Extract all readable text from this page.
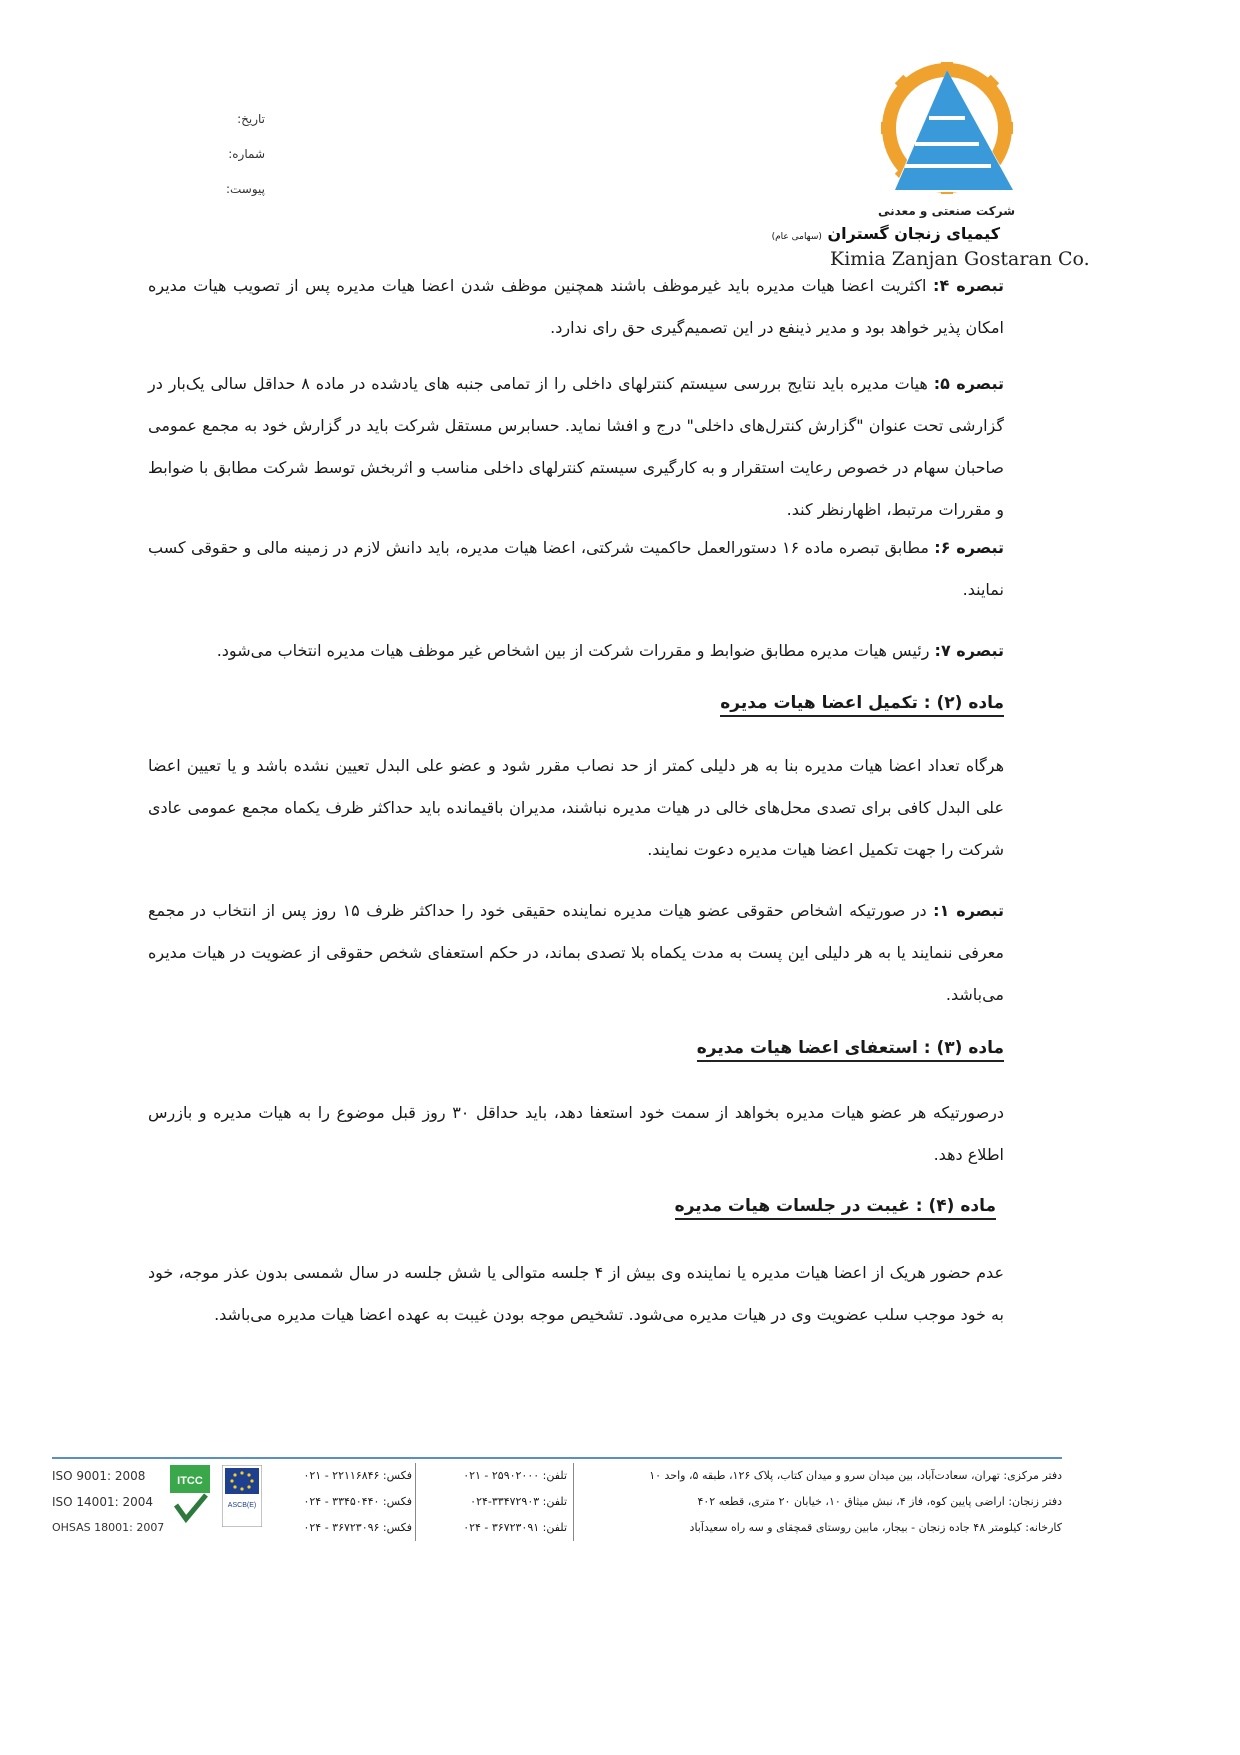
تاریخ:
شماره:
پیوست:
شرکت صنعتی و معدنی
کیمیای زنجان گستران (سهامی عام)
Kimia Zanjan Gostaran Co.

تبصره ۴: اکثریت اعضا هیات مدیره باید غیرموظف باشند همچنین موظف شدن اعضا هیات مدیره پس از تصویب هیات مدیره امکان پذیر خواهد بود و مدیر ذینفع در این تصمیم‌گیری حق رای ندارد.

تبصره ۵: هیات مدیره باید نتایج بررسی سیستم کنترلهای داخلی را از تمامی جنبه های یادشده در ماده ۸ حداقل سالی یک‌بار در گزارشی تحت عنوان "گزارش کنترل‌های داخلی" درج و افشا نماید. حسابرس مستقل شرکت باید در گزارش خود به مجمع عمومی صاحبان سهام در خصوص رعایت استقرار و به کارگیری سیستم کنترلهای داخلی مناسب و اثربخش توسط شرکت مطابق با ضوابط و مقررات مرتبط، اظهارنظر کند.

تبصره ۶: مطابق تبصره ماده ۱۶ دستورالعمل حاکمیت شرکتی، اعضا هیات مدیره، باید دانش لازم در زمینه مالی و حقوقی کسب نمایند.

تبصره ۷: رئیس هیات مدیره مطابق ضوابط و مقررات شرکت از بین اشخاص غیر موظف هیات مدیره انتخاب می‌شود.

ماده (۲) : تکمیل اعضا هیات مدیره

هرگاه تعداد اعضا هیات مدیره بنا به هر دلیلی کمتر از حد نصاب مقرر شود و عضو علی البدل تعیین نشده باشد و یا تعیین اعضا علی البدل کافی برای تصدی محل‌های خالی در هیات مدیره نباشند، مدیران باقیمانده باید حداکثر ظرف یکماه مجمع عمومی عادی شرکت را جهت تکمیل اعضا هیات مدیره دعوت نمایند.

تبصره ۱: در صورتیکه اشخاص حقوقی عضو هیات مدیره نماینده حقیقی خود را حداکثر ظرف ۱۵ روز پس از انتخاب در مجمع معرفی ننمایند یا به هر دلیلی این پست به مدت یکماه بلا تصدی بماند، در حکم استعفای شخص حقوقی از عضویت در هیات مدیره می‌باشد.

ماده (۳) : استعفای اعضا هیات مدیره

درصورتیکه هر عضو هیات مدیره بخواهد از سمت خود استعفا دهد، باید حداقل ۳۰ روز قبل موضوع را به هیات مدیره و بازرس اطلاع دهد.

ماده (۴) : غیبت در جلسات هیات مدیره

عدم حضور هریک از اعضا هیات مدیره یا نماینده وی بیش از ۴ جلسه متوالی یا شش جلسه در سال شمسی بدون عذر موجه، خود به خود موجب سلب عضویت وی در هیات مدیره می‌شود. تشخیص موجه بودن غیبت به عهده اعضا هیات مدیره می‌باشد.

دفتر مرکزی: تهران، سعادت‌آباد، بین میدان سرو و میدان کتاب، پلاک ۱۲۶، طبقه ۵، واحد ۱۰
دفتر زنجان: اراضی پایین کوه، فاز ۴، نبش میثاق ۱۰، خیابان ۲۰ متری، قطعه ۴۰۲
کارخانه: کیلومتر ۴۸ جاده زنجان - بیجار، مابین روستای قمچقای و سه راه سعیدآباد
تلفن: ۲۵۹۰۲۰۰۰ - ۰۲۱
تلفن: ۳۳۴۷۲۹۰۳-۰۲۴
تلفن: ۳۶۷۲۳۰۹۱ - ۰۲۴
فکس: ۲۲۱۱۶۸۴۶ - ۰۲۱
فکس: ۳۳۴۵۰۴۴۰ - ۰۲۴
فکس: ۳۶۷۲۳۰۹۶ - ۰۲۴
ASCB(E)
ITCC
ISO 9001: 2008
ISO 14001: 2004
OHSAS 18001: 2007
